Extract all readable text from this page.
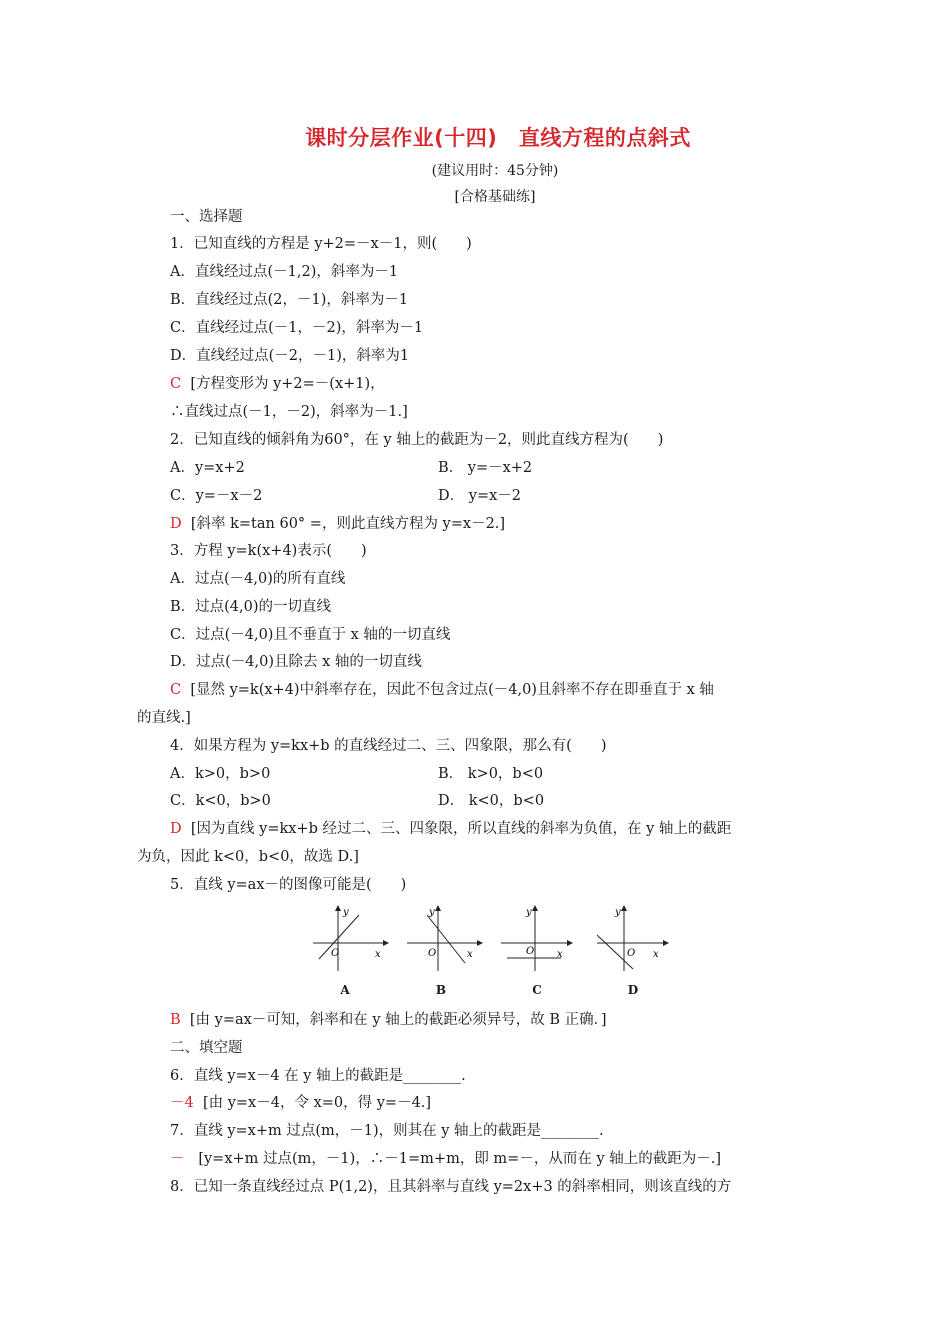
课时分层作业(十四)　直线方程的点斜式
(建议用时：45分钟)
[合格基础练]
一、选择题
1．已知直线的方程是 y+2=－x－1，则(　　)
A．直线经过点(－1,2)，斜率为－1
B．直线经过点(2，－1)，斜率为－1
C．直线经过点(－1，－2)，斜率为－1
D．直线经过点(－2，－1)，斜率为1
C [方程变形为 y+2=－(x+1)，
∴直线过点(－1，－2)，斜率为－1.]
2．已知直线的倾斜角为60°，在 y 轴上的截距为－2，则此直线方程为(　　)
A．y=x+2	B． y=－x+2
C．y=－x－2	D． y=x－2
D [斜率 k=tan 60° =，则此直线方程为 y=x－2.]
3．方程 y=k(x+4)表示(　　)
A．过点(－4,0)的所有直线
B．过点(4,0)的一切直线
C．过点(－4,0)且不垂直于 x 轴的一切直线
D．过点(－4,0)且除去 x 轴的一切直线
C [显然 y=k(x+4)中斜率存在，因此不包含过点(－4,0)且斜率不存在即垂直于 x 轴
的直线.]
4．如果方程为 y=kx+b 的直线经过二、三、四象限，那么有(　　)
A．k>0，b>0	B． k>0，b<0
C．k<0，b>0	D． k<0，b<0
D [因为直线 y=kx+b 经过二、三、四象限，所以直线的斜率为负值，在 y 轴上的截距
为负，因此 k<0，b<0，故选 D.]
5．直线 y=ax－的图像可能是(　　)
y
x
O
A
y
x
O
B
y
x
O
C
y
x
O
D
B [由 y=ax－可知，斜率和在 y 轴上的截距必须异号，故 B 正确．]
二、填空题
6．直线 y=x－4 在 y 轴上的截距是________.
－4 [由 y=x－4，令 x=0，得 y=－4.]
7．直线 y=x+m 过点(m，－1)，则其在 y 轴上的截距是________.
－ [y=x+m 过点(m，－1)，∴－1=m+m，即 m=－，从而在 y 轴上的截距为－.]
8．已知一条直线经过点 P(1,2)，且其斜率与直线 y=2x+3 的斜率相同，则该直线的方
